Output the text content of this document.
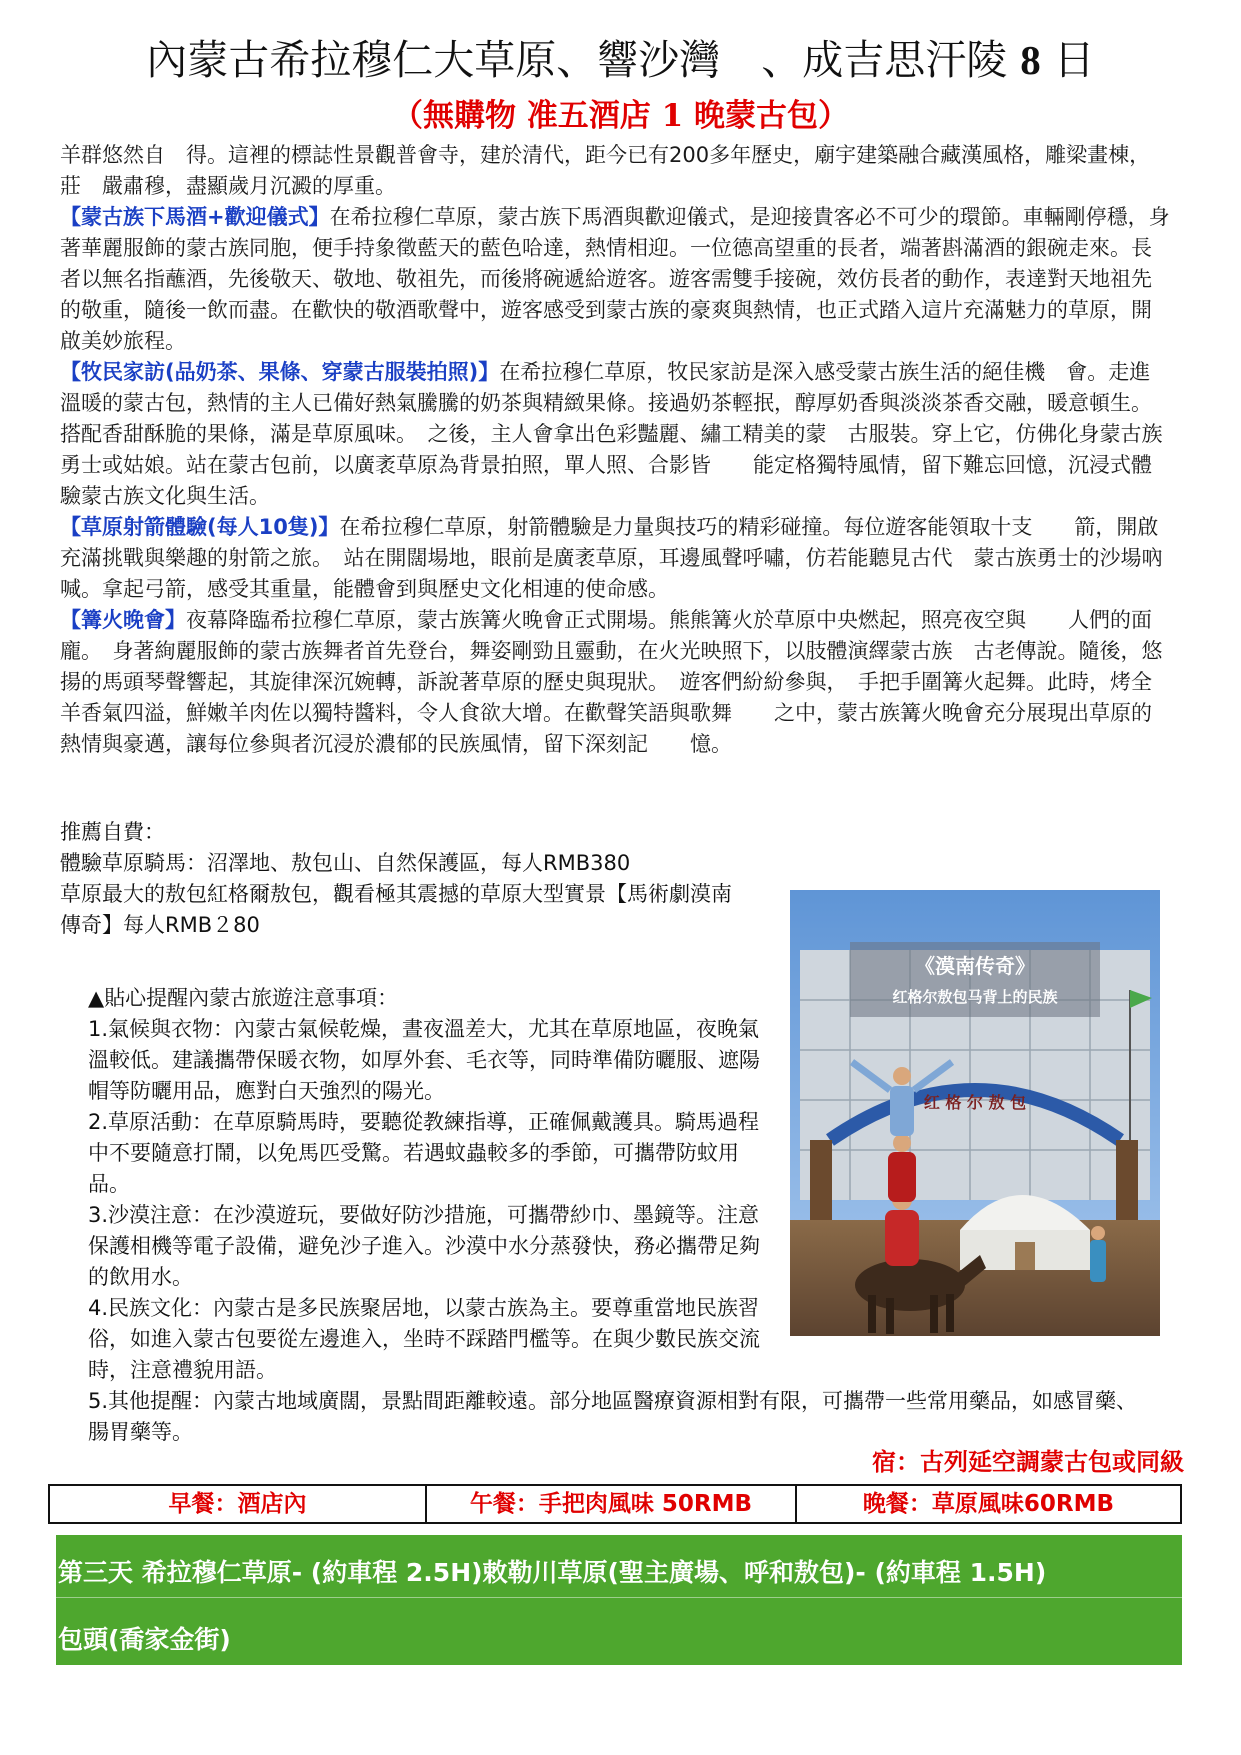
內蒙古希拉穆仁大草原、響沙灣　、成吉思汗陵 8 日
（無購物 准五酒店 1 晚蒙古包）

羊群悠然自　得。這裡的標誌性景觀普會寺，建於清代，距今已有200多年歷史，廟宇建築融合藏漢風格，雕梁畫棟，莊　嚴肅穆，盡顯歲月沉澱的厚重。

【蒙古族下馬酒+歡迎儀式】在希拉穆仁草原，蒙古族下馬酒與歡迎儀式，是迎接貴客必不可少的環節。車輛剛停穩，身著華麗服飾的蒙古族同胞，便手持象徵藍天的藍色哈達，熱情相迎。一位德高望重的長者，端著斟滿酒的銀碗走來。長者以無名指蘸酒，先後敬天、敬地、敬祖先，而後將碗遞給遊客。遊客需雙手接碗，效仿長者的動作，表達對天地祖先的敬重，隨後一飲而盡。在歡快的敬酒歌聲中，遊客感受到蒙古族的豪爽與熱情，也正式踏入這片充滿魅力的草原，開啟美妙旅程。

【牧民家訪(品奶茶、果條、穿蒙古服裝拍照)】在希拉穆仁草原，牧民家訪是深入感受蒙古族生活的絕佳機　會。走進溫暖的蒙古包，熱情的主人已備好熱氣騰騰的奶茶與精緻果條。接過奶茶輕抿，醇厚奶香與淡淡茶香交融，暖意頓生。搭配香甜酥脆的果條，滿是草原風味。　之後，主人會拿出色彩豔麗、繡工精美的蒙　古服裝。穿上它，仿佛化身蒙古族勇士或姑娘。站在蒙古包前，以廣袤草原為背景拍照，單人照、合影皆　　能定格獨特風情，留下難忘回憶，沉浸式體驗蒙古族文化與生活。

【草原射箭體驗(每人10隻)】在希拉穆仁草原，射箭體驗是力量與技巧的精彩碰撞。每位遊客能領取十支　　箭，開啟充滿挑戰與樂趣的射箭之旅。　站在開闊場地，眼前是廣袤草原，耳邊風聲呼嘯，仿若能聽見古代　蒙古族勇士的沙場吶喊。拿起弓箭，感受其重量，能體會到與歷史文化相連的使命感。

【篝火晚會】夜幕降臨希拉穆仁草原，蒙古族篝火晚會正式開場。熊熊篝火於草原中央燃起，照亮夜空與　　人們的面龐。　身著絢麗服飾的蒙古族舞者首先登台，舞姿剛勁且靈動，在火光映照下，以肢體演繹蒙古族　古老傳說。隨後，悠揚的馬頭琴聲響起，其旋律深沉婉轉，訴說著草原的歷史與現狀。　遊客們紛紛參與，　手把手圍篝火起舞。此時，烤全羊香氣四溢，鮮嫩羊肉佐以獨特醬料，令人食欲大增。在歡聲笑語與歌舞　　之中，蒙古族篝火晚會充分展現出草原的熱情與豪邁，讓每位參與者沉浸於濃郁的民族風情，留下深刻記　　憶。

推薦自費：

體驗草原騎馬：沼澤地、敖包山、自然保護區，每人RMB380

草原最大的敖包紅格爾敖包，觀看極其震撼的草原大型實景【馬術劇漠南傳奇】每人RMB２80

《漠南传奇》
红格尔敖包马背上的民族
红 格 尔 敖 包

▲貼心提醒內蒙古旅遊注意事項：

1.氣候與衣物：內蒙古氣候乾燥，晝夜溫差大，尤其在草原地區，夜晚氣溫較低。建議攜帶保暖衣物，如厚外套、毛衣等，同時準備防曬服、遮陽帽等防曬用品，應對白天強烈的陽光。

2.草原活動：在草原騎馬時，要聽從教練指導，正確佩戴護具。騎馬過程中不要隨意打鬧，以免馬匹受驚。若遇蚊蟲較多的季節，可攜帶防蚊用品。

3.沙漠注意：在沙漠遊玩，要做好防沙措施，可攜帶紗巾、墨鏡等。注意保護相機等電子設備，避免沙子進入。沙漠中水分蒸發快，務必攜帶足夠的飲用水。

4.民族文化：內蒙古是多民族聚居地，以蒙古族為主。要尊重當地民族習俗，如進入蒙古包要從左邊進入，坐時不踩踏門檻等。在與少數民族交流時，注意禮貌用語。

5.其他提醒：內蒙古地域廣闊，景點間距離較遠。部分地區醫療資源相對有限，可攜帶一些常用藥品，如感冒藥、腸胃藥等。

宿：古列延空調蒙古包或同級
早餐：酒店內	午餐：手把肉風味 50RMB	晚餐：草原風味60RMB
第三天 希拉穆仁草原- (約車程 2.5H)敕勒川草原(聖主廣場、呼和敖包)- (約車程 1.5H)
包頭(喬家金街)
